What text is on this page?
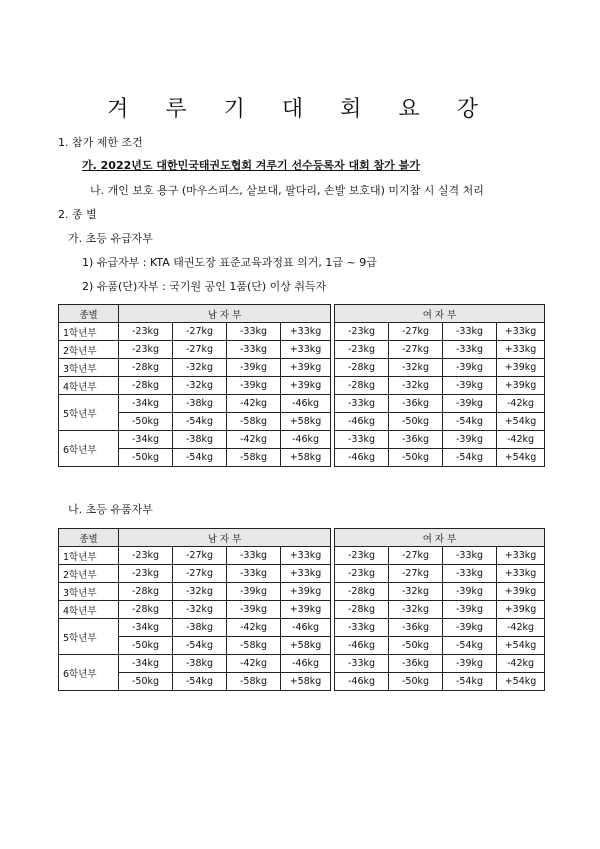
겨 루 기 대 회 요 강
1. 참가 제한 조건
가. 2022년도 대한민국태권도협회 겨루기 선수등록자 대회 참가 불가
나. 개인 보호 용구 (마우스피스, 샅보대, 팔다리, 손발 보호대) 미지참 시 실격 처리
2. 종 별
가. 초등 유급자부
1) 유급자부 : KTA 태권도장 표준교육과정표 의거, 1급 ~ 9급
2) 유품(단)자부 : 국기원 공인 1품(단) 이상 취득자
종별	남 자 부					여 자 부			
1학년부	-23kg	-27kg	-33kg	+33kg		-23kg	-27kg	-33kg	+33kg
2학년부	-23kg	-27kg	-33kg	+33kg		-23kg	-27kg	-33kg	+33kg
3학년부	-28kg	-32kg	-39kg	+39kg		-28kg	-32kg	-39kg	+39kg
4학년부	-28kg	-32kg	-39kg	+39kg		-28kg	-32kg	-39kg	+39kg
5학년부	-34kg	-38kg	-42kg	-46kg		-33kg	-36kg	-39kg	-42kg
	-50kg	-54kg	-58kg	+58kg		-46kg	-50kg	-54kg	+54kg
6학년부	-34kg	-38kg	-42kg	-46kg		-33kg	-36kg	-39kg	-42kg
	-50kg	-54kg	-58kg	+58kg		-46kg	-50kg	-54kg	+54kg
나. 초등 유품자부
종별	남 자 부					여 자 부			
1학년부	-23kg	-27kg	-33kg	+33kg		-23kg	-27kg	-33kg	+33kg
2학년부	-23kg	-27kg	-33kg	+33kg		-23kg	-27kg	-33kg	+33kg
3학년부	-28kg	-32kg	-39kg	+39kg		-28kg	-32kg	-39kg	+39kg
4학년부	-28kg	-32kg	-39kg	+39kg		-28kg	-32kg	-39kg	+39kg
5학년부	-34kg	-38kg	-42kg	-46kg		-33kg	-36kg	-39kg	-42kg
	-50kg	-54kg	-58kg	+58kg		-46kg	-50kg	-54kg	+54kg
6학년부	-34kg	-38kg	-42kg	-46kg		-33kg	-36kg	-39kg	-42kg
	-50kg	-54kg	-58kg	+58kg		-46kg	-50kg	-54kg	+54kg
